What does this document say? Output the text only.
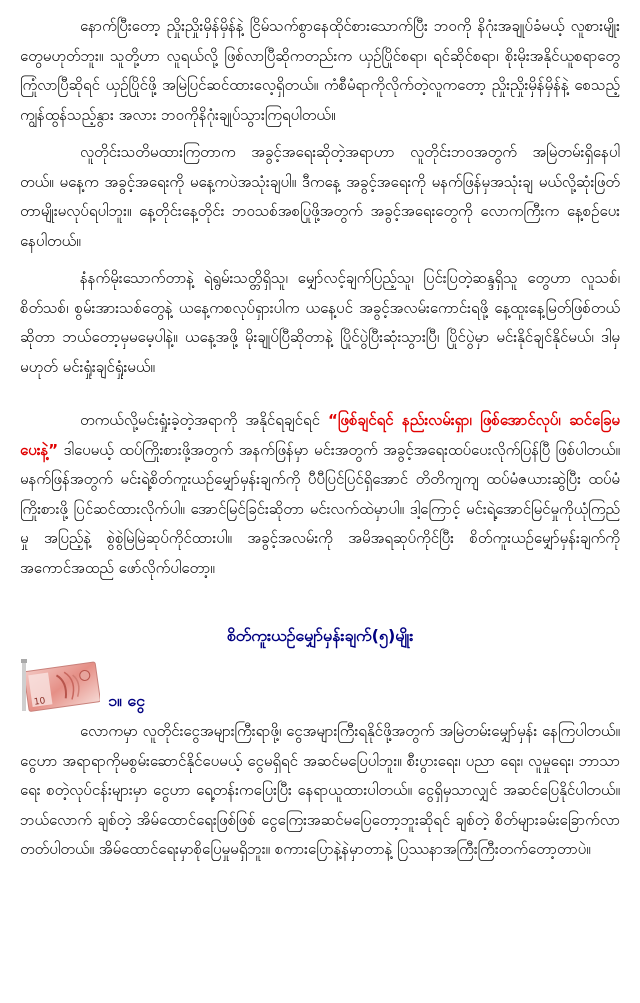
နောက်ပြီးတော့ ညှိုးညှိုးမှိန်မှိန်နဲ့ ငြိမ်သက်စွာနေထိုင်စားသောက်ပြီး ဘဝကို နိဂုံးအချုပ်ခံမယ့် လူစားမျိုးတွေမဟုတ်ဘူး။ သူတို့ဟာ လူရယ်လို့ ဖြစ်လာပြီဆိုကတည်းက ယှဉ်ပြိုင်စရာ၊ ရင်ဆိုင်စရာ၊ စိုးမိုးအနိုင်ယူစရာတွေ ကြုံလာပြီဆိုရင် ယှဉ်ပြိုင်ဖို့ အမြဲပြင်ဆင်ထားလေ့ရှိတယ်။ ကံစီမံရာကိုလိုက်တဲ့လူကတော့ ညှိုးညှိုးမှိန်မှိန်နဲ့ စေသည့်ကျွန်ထွန်သည့်နွား အလား ဘဝကိုနိဂုံးချုပ်သွားကြရပါတယ်။

လူတိုင်းသတိမထားကြတာက အခွင့်အရေးဆိုတဲ့အရာဟာ လူတိုင်းဘဝအတွက် အမြဲတမ်းရှိနေပါတယ်။ မနေ့က အခွင့်အရေးကို မနေ့ကပဲအသုံးချပါ။ ဒီကနေ့ အခွင့်အရေးကို မနက်ဖြန်မှအသုံးချ မယ်လို့ဆုံးဖြတ်တာမျိုးမလုပ်ရပါဘူး။ နေ့တိုင်းနေ့တိုင်း ဘဝသစ်အစပြုဖို့အတွက် အခွင့်အရေးတွေကို လောကကြီးက နေ့စဉ်ပေးနေပါတယ်။

နံနက်မိုးသောက်တာနဲ့ ရဲရွမ်းသတ္တိရှိသူ၊ မျှော်လင့်ချက်ပြည့်သူ၊ ပြင်းပြတဲ့ဆန္ဒရှိသူ တွေဟာ လူသစ်၊ စိတ်သစ်၊ စွမ်းအားသစ်တွေနဲ့ ယနေ့ကစလုပ်ရှားပါက ယနေ့ပင် အခွင့်အလမ်းကောင်းရဖို့ နေ့ထူးနေ့မြတ်ဖြစ်တယ်ဆိုတာ ဘယ်တော့မှမမေ့ပါနဲ့။ ယနေ့အဖို့ မိုးချုပ်ပြီဆိုတာနဲ့ ပြိုင်ပွဲပြီးဆုံးသွားပြီ၊ ပြိုင်ပွဲမှာ မင်းနိုင်ချင်နိုင်မယ်၊ ဒါမှမဟုတ် မင်းရှုံးချင်ရှုံးမယ်။

တကယ်လို့မင်းရှုံးခဲ့တဲ့အရာကို အနိုင်ရချင်ရင် “ဖြစ်ချင်ရင် နည်းလမ်းရှာ၊ ဖြစ်အောင်လုပ်၊ ဆင်ခြေမပေးနဲ့” ဒါပေမယ့် ထပ်ကြိုးစားဖို့အတွက် အနက်ဖြန်မှာ မင်းအတွက် အခွင့်အရေးထပ်ပေးလိုက်ပြန်ပြီ ဖြစ်ပါတယ်။ မနက်ဖြန်အတွက် မင်းရဲ့စိတ်ကူးယဉ်မျှော်မှန်းချက်ကို ပီပီပြင်ပြင်ရှိအောင် တိတိကျကျ ထပ်မံဇယားဆွဲပြီး ထပ်မံကြိုးစားဖို့ ပြင်ဆင်ထားလိုက်ပါ။ အောင်မြင်ခြင်းဆိုတာ မင်းလက်ထဲမှာပါ။ ဒါ့ကြောင့် မင်းရဲ့အောင်မြင်မှုကိုယုံကြည်မှု အပြည့်နဲ့ စွဲစွဲမြဲမြဲဆုပ်ကိုင်ထားပါ။ အခွင့်အလမ်းကို အမိအရဆုပ်ကိုင်ပြီး စိတ်ကူးယဉ်မျှော်မှန်းချက်ကို အကောင်အထည် ဖော်လိုက်ပါတော့။

စိတ်ကူးယဉ်မျှော်မှန်းချက်(၅)မျိုး
10	၁။ ငွေ

လောကမှာ လူတိုင်းငွေအများကြီးရာဖို့၊ ငွေအများကြီးရနိုင်ဖို့အတွက် အမြဲတမ်းမျှော်မှန်း နေကြပါတယ်။ ငွေဟာ အရာရာကိုမစွမ်းဆောင်နိုင်ပေမယ့် ငွေမရှိရင် အဆင်မပြေပါဘူး။ စီးပွားရေး၊ ပညာ ရေး၊ လူမှုရေး၊ ဘာသာရေး စတဲ့လုပ်ငန်းများမှာ ငွေဟာ ရေ့တန်းကပြေးပြီး နေရာယူထားပါတယ်။ ငွေရှိမှသာလျှင် အဆင်ပြေနိုင်ပါတယ်။ ဘယ်လောက် ချစ်တဲ့ အိမ်ထောင်ရေးဖြစ်ဖြစ် ငွေကြေးအဆင်မပြေတော့ဘူးဆိုရင် ချစ်တဲ့ စိတ်များခမ်းခြောက်လာတတ်ပါတယ်။ အိမ်ထောင်ရေးမှာစိုပြေမှုမရှိဘူး။ စကားပြောနဲ့နဲမှာတာနဲ့ ပြဿနာအကြီးကြီးတက်တော့တာပဲ။
